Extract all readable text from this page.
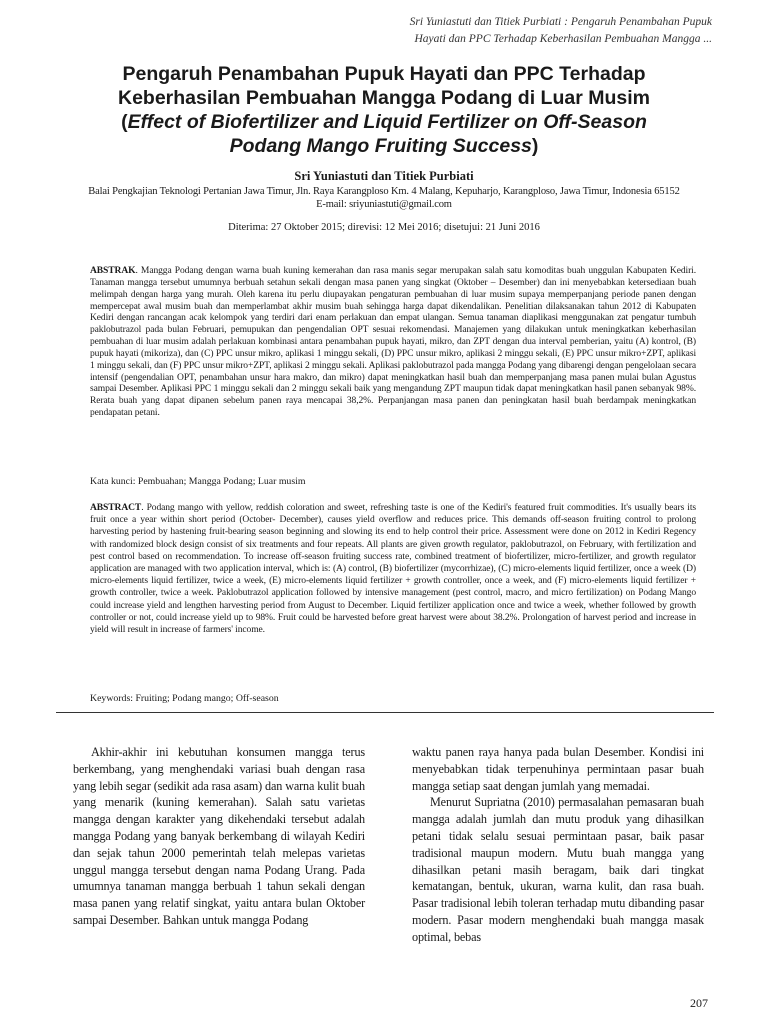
Sri Yuniastuti dan Titiek Purbiati : Pengaruh Penambahan Pupuk
Hayati dan PPC Terhadap Keberhasilan Pembuahan Mangga ...
Pengaruh Penambahan Pupuk Hayati dan PPC Terhadap
Keberhasilan Pembuahan Mangga Podang di Luar Musim
(Effect of Biofertilizer and Liquid Fertilizer on Off-Season
Podang Mango Fruiting Success)
Sri Yuniastuti dan Titiek Purbiati
Balai Pengkajian Teknologi Pertanian Jawa Timur, Jln. Raya Karangploso Km. 4 Malang, Kepuharjo, Karangploso, Jawa Timur, Indonesia 65152
E-mail: sriyuniastuti@gmail.com
Diterima: 27 Oktober 2015; direvisi: 12 Mei 2016; disetujui: 21 Juni 2016
ABSTRAK. Mangga Podang dengan warna buah kuning kemerahan dan rasa manis segar merupakan salah satu komoditas buah unggulan Kabupaten Kediri. Tanaman mangga tersebut umumnya berbuah setahun sekali dengan masa panen yang singkat (Oktober – Desember) dan ini menyebabkan ketersediaan buah melimpah dengan harga yang murah. Oleh karena itu perlu diupayakan pengaturan pembuahan di luar musim supaya memperpanjang periode panen dengan mempercepat awal musim buah dan memperlambat akhir musim buah sehingga harga dapat dikendalikan. Penelitian dilaksanakan tahun 2012 di Kabupaten Kediri dengan rancangan acak kelompok yang terdiri dari enam perlakuan dan empat ulangan. Semua tanaman diaplikasi menggunakan zat pengatur tumbuh paklobutrazol pada bulan Februari, pemupukan dan pengendalian OPT sesuai rekomendasi. Manajemen yang dilakukan untuk meningkatkan keberhasilan pembuahan di luar musim adalah perlakuan kombinasi antara penambahan pupuk hayati, mikro, dan ZPT dengan dua interval pemberian, yaitu (A) kontrol, (B) pupuk hayati (mikoriza), dan (C) PPC unsur mikro, aplikasi 1 minggu sekali, (D) PPC unsur mikro, aplikasi 2 minggu sekali, (E) PPC unsur mikro+ZPT, aplikasi 1 minggu sekali, dan (F) PPC unsur mikro+ZPT, aplikasi 2 minggu sekali. Aplikasi paklobutrazol pada mangga Podang yang dibarengi dengan pengelolaan secara intensif (pengendalian OPT, penambahan unsur hara makro, dan mikro) dapat meningkatkan hasil buah dan memperpanjang masa panen mulai bulan Agustus sampai Desember. Aplikasi PPC 1 minggu sekali dan 2 minggu sekali baik yang mengandung ZPT maupun tidak dapat meningkatkan hasil panen sebanyak 98%. Rerata buah yang dapat dipanen sebelum panen raya mencapai 38,2%. Perpanjangan masa panen dan peningkatan hasil buah berdampak meningkatkan pendapatan petani.
Kata kunci: Pembuahan; Mangga Podang; Luar musim
ABSTRACT. Podang mango with yellow, reddish coloration and sweet, refreshing taste is one of the Kediri's featured fruit commodities. It's usually bears its fruit once a year within short period (October- December), causes yield overflow and reduces price. This demands off-season fruiting control to prolong harvesting period by hastening fruit-bearing season beginning and slowing its end to help control their price. Assessment were done on 2012 in Kediri Regency with randomized block design consist of six treatments and four repeats. All plants are given growth regulator, paklobutrazol, on February, with fertilization and pest control based on recommendation. To increase off-season fruiting success rate, combined treatment of biofertilizer, micro-fertilizer, and growth regulator application are managed with two application interval, which is: (A) control, (B) biofertilizer (mycorrhizae), (C) micro-elements liquid fertilizer, once a week (D) micro-elements liquid fertilizer, twice a week, (E) micro-elements liquid fertilizer + growth controller, once a week, and (F) micro-elements liquid fertilizer + growth controller, twice a week. Paklobutrazol application followed by intensive management (pest control, macro, and micro fertilization) on Podang Mango could increase yield and lengthen harvesting period from August to December. Liquid fertilizer application once and twice a week, whether followed by growth controller or not, could increase yield up to 98%. Fruit could be harvested before great harvest were about 38.2%. Prolongation of harvest period and increase in yield will result in increase of farmers' income.
Keywords: Fruiting; Podang mango; Off-season

Akhir-akhir ini kebutuhan konsumen mangga terus berkembang, yang menghendaki variasi buah dengan rasa yang lebih segar (sedikit ada rasa asam) dan warna kulit buah yang menarik (kuning kemerahan). Salah satu varietas mangga dengan karakter yang dikehendaki tersebut adalah mangga Podang yang banyak berkembang di wilayah Kediri dan sejak tahun 2000 pemerintah telah melepas varietas unggul mangga tersebut dengan nama Podang Urang. Pada umumnya tanaman mangga berbuah 1 tahun sekali dengan masa panen yang relatif singkat, yaitu antara bulan Oktober sampai Desember. Bahkan untuk mangga Podang

waktu panen raya hanya pada bulan Desember. Kondisi ini menyebabkan tidak terpenuhinya permintaan pasar buah mangga setiap saat dengan jumlah yang memadai.

Menurut Supriatna (2010) permasalahan pemasaran buah mangga adalah jumlah dan mutu produk yang dihasilkan petani tidak selalu sesuai permintaan pasar, baik pasar tradisional maupun modern. Mutu buah mangga yang dihasilkan petani masih beragam, baik dari tingkat kematangan, bentuk, ukuran, warna kulit, dan rasa buah. Pasar tradisional lebih toleran terhadap mutu dibanding pasar modern. Pasar modern menghendaki buah mangga masak optimal, bebas

207
